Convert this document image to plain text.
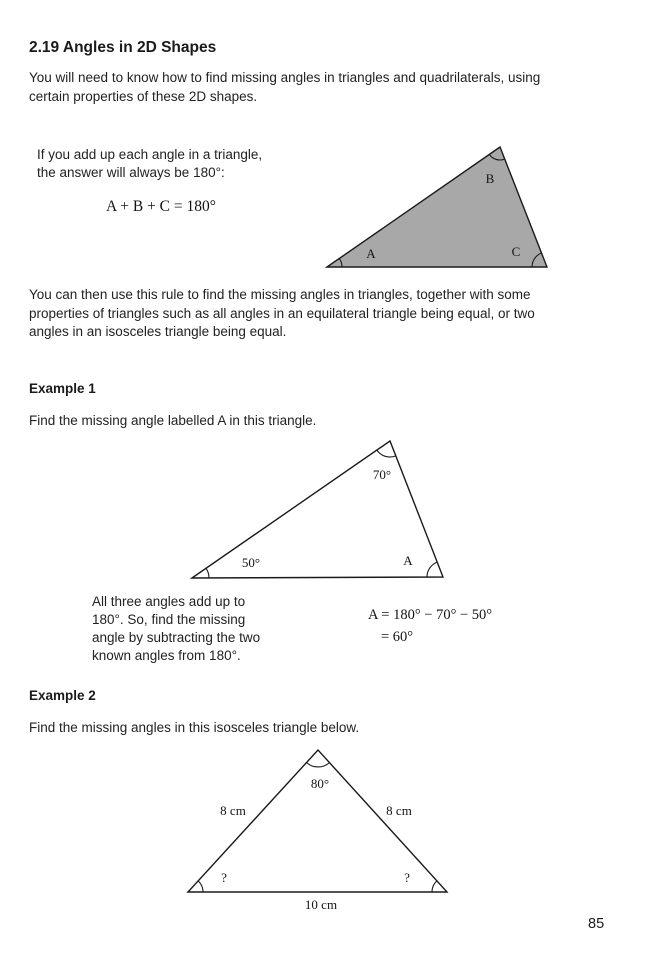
2.19 Angles in 2D Shapes
You will need to know how to find missing angles in triangles and quadrilaterals, using
certain properties of these 2D shapes.
If you add up each angle in a triangle,
the answer will always be 180°:
A + B + C = 180°
A
B
C
You can then use this rule to find the missing angles in triangles, together with some
properties of triangles such as all angles in an equilateral triangle being equal, or two
angles in an isosceles triangle being equal.
Example 1
Find the missing angle labelled A in this triangle.
70°
50°	A
All three angles add up to
180°. So, find the missing
angle by subtracting the two
known angles from 180°.
A = 180° − 70° − 50°
= 60°
Example 2
Find the missing angles in this isosceles triangle below.
80°
8 cm	8 cm
?	?
10 cm
85
